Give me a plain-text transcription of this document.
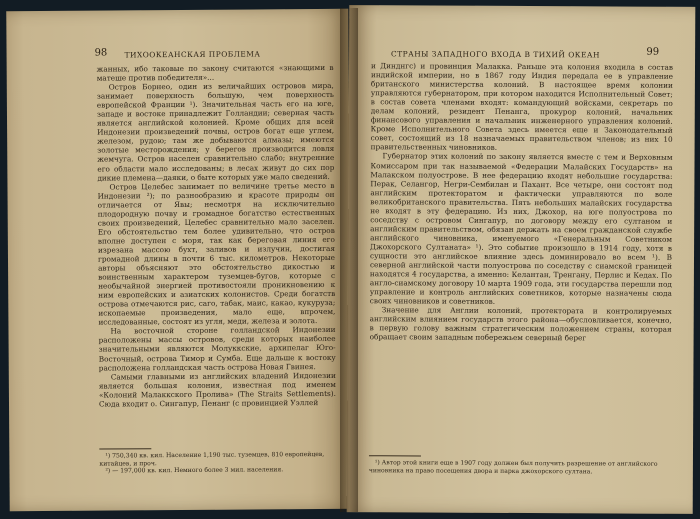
98 ТИХООКЕАНСКАЯ ПРОБЛЕМА

жанных, ибо таковые по закону считаются «знающими в матеше против победителя»...

Остров Борнео, один из величайших островов мира, занимает поверхность большую, чем поверхность европейской Франции ¹). Значительная часть его на юге, западе и востоке принадлежит Голландии; северная часть является английской колонией. Кроме общих для всей Индонезии произведений почвы, остров богат еще углем, железом, рудою; там же добываются алмазы; имеются золотые месторождения; у берегов производится ловля жемчуга. Остров населен сравнительно слабо; внутренние его области мало исследованы; в лесах живут до сих пор дикие племена—даяки, о быте которых уже мало сведений.

Остров Целебес занимает по величине третье место в Индонезии ²); по разнообразию и красоте природы он отличается от Явы; несмотря на исключительно плодородную почву и громадное богатство естественных своих произведений, Целебес сравнительно мало заселен. Его обстоятельство тем более удивительно, что остров вполне доступен с моря, так как береговая линия его изрезана массою бухт, заливов и излучин, достигая громадной длины в почти 6 тыс. километров. Некоторые авторы объясняют это обстоятельство дикостью и воинственным характером туземцев-бугов, которые с необычайной энергией противостояли проникновению к ним европейских и азиатских колонистов. Среди богатств острова отмечаются рис, саго, табак, маис, какао, кукуруза; ископаемые произведения, мало еще, впрочем, исследованные, состоят из угля, меди, железа и золота.

На восточной стороне голландской Индонезии расположены массы островов, среди которых наиболее значительными являются Молуккские, архипелаг Юго-Восточный, острова Тимор и Сумба. Еще дальше к востоку расположена голландская часть острова Новая Гвинея.

Самыми главными из английских владений Индонезии является большая колония, известная под именем «Колоний Малаккского Пролива» (The Straits Settlements). Сюда входит о. Сингапур, Пенанг (с провинцией Уэллей

¹) 750,340 кв. кил. Население 1,190 тыс. туземцев, 810 европейцев, китайцев, и проч.

²) — 197,000 кв. кил. Немного более 3 мил. населения.

СТРАНЫ ЗАПАДНОГО ВХОДА В ТИХИЙ ОКЕАН	99

и Динднгс) и провинция Малакка. Раньше эта колония входила в состав индийской империи, но в 1867 году Индия передала ее в управление британского министерства колоний. В настоящее время колонии управляются губернатором, при котором находится Исполнительный Совет; в состав совета членами входят: командующий войсками, секретарь по делам колоний, резидент Пенанга, прокурор колоний, начальник финансового управления и начальник инженерного управления колоний. Кроме Исполнительного Совета здесь имеется еще и Законодательный совет, состоящий из 18 назначаемых правительством членов; из них 10 правительственных чиновников.

Губернатор этих колоний по закону является вместе с тем и Верховным Комиссаром при так называемой «Федерации Малайских Государств» на Малакском полуострове. В нее федерацию входят небольшие государства: Перак, Селангор, Негри-Сембилан и Пахант. Все четыре, они состоят под английским протекторатом и фактически управляются по воле великобританского правительства. Пять небольших малайских государства не входят в эту федерацию. Из них, Джохор, на юге полуострова по соседству с островом Сингапур, по договору между его султаном и английским правительством, обязан держать на своем гражданской службе английского чиновника, именуемого «Генеральным Советником Джохорского Султаната» ¹). Это событие произошло в 1914 году, хотя в сущности это английское влияние здесь доминировало во всем ¹). В северной английской части полуострова по соседству с сиамской границей находятся 4 государства, а именно: Келантан, Тренгану, Перлис и Кедах. По англо-сиамскому договору 10 марта 1909 года, эти государства перешли под управление и контроль английских советников, которые назначены сюда своих чиновников и советников.

Значение для Англии колоний, протектората и контролируемых английским влиянием государств этого района—обусловливается, конечно, в первую голову важным стратегическим положением страны, которая обращает своим западным побережьем северный берег

¹) Автор этой книги еще в 1907 году должен был получить разрешение от английского чиновника на право посещения двора и парка джохорского султана.
